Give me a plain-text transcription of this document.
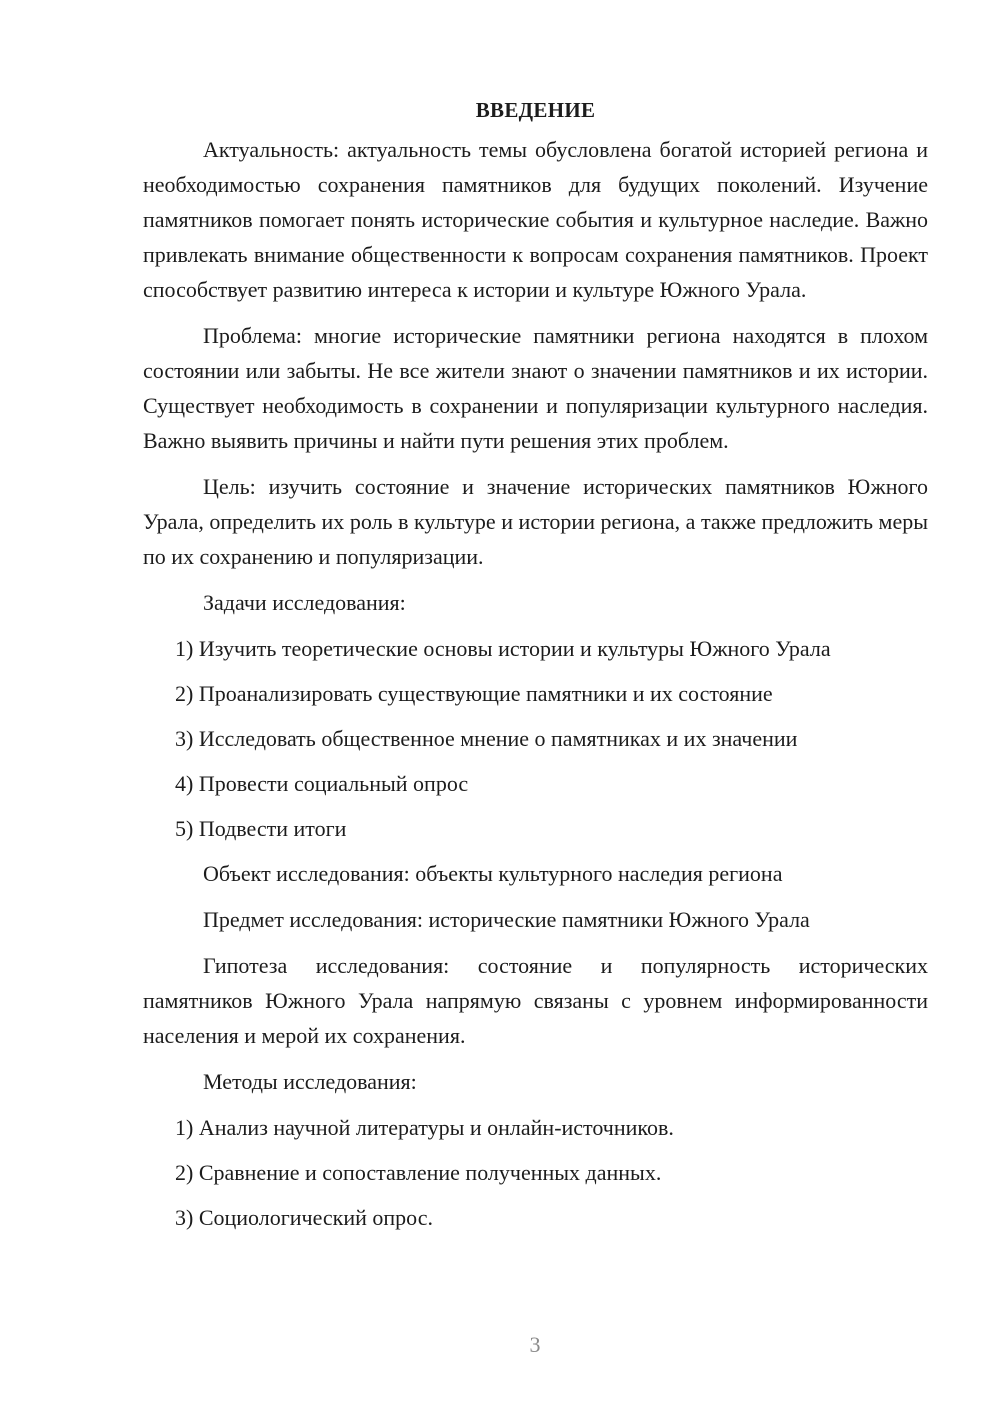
ВВЕДЕНИЕ

Актуальность: актуальность темы обусловлена богатой историей региона и необходимостью сохранения памятников для будущих поколений. Изучение памятников помогает понять исторические события и культурное наследие. Важно привлекать внимание общественности к вопросам сохранения памятников. Проект способствует развитию интереса к истории и культуре Южного Урала.

Проблема: многие исторические памятники региона находятся в плохом состоянии или забыты. Не все жители знают о значении памятников и их истории. Существует необходимость в сохранении и популяризации культурного наследия. Важно выявить причины и найти пути решения этих проблем.

Цель: изучить состояние и значение исторических памятников Южного Урала, определить их роль в культуре и истории региона, а также предложить меры по их сохранению и популяризации.

Задачи исследования:
1) Изучить теоретические основы истории и культуры Южного Урала
2) Проанализировать существующие памятники и их состояние
3) Исследовать общественное мнение о памятниках и их значении
4) Провести социальный опрос
5) Подвести итоги
Объект исследования: объекты культурного наследия региона
Предмет исследования: исторические памятники Южного Урала

Гипотеза исследования: состояние и популярность исторических памятников Южного Урала напрямую связаны с уровнем информированности населения и мерой их сохранения.

Методы исследования:
1) Анализ научной литературы и онлайн-источников.
2) Сравнение и сопоставление полученных данных.
3) Социологический опрос.
3
